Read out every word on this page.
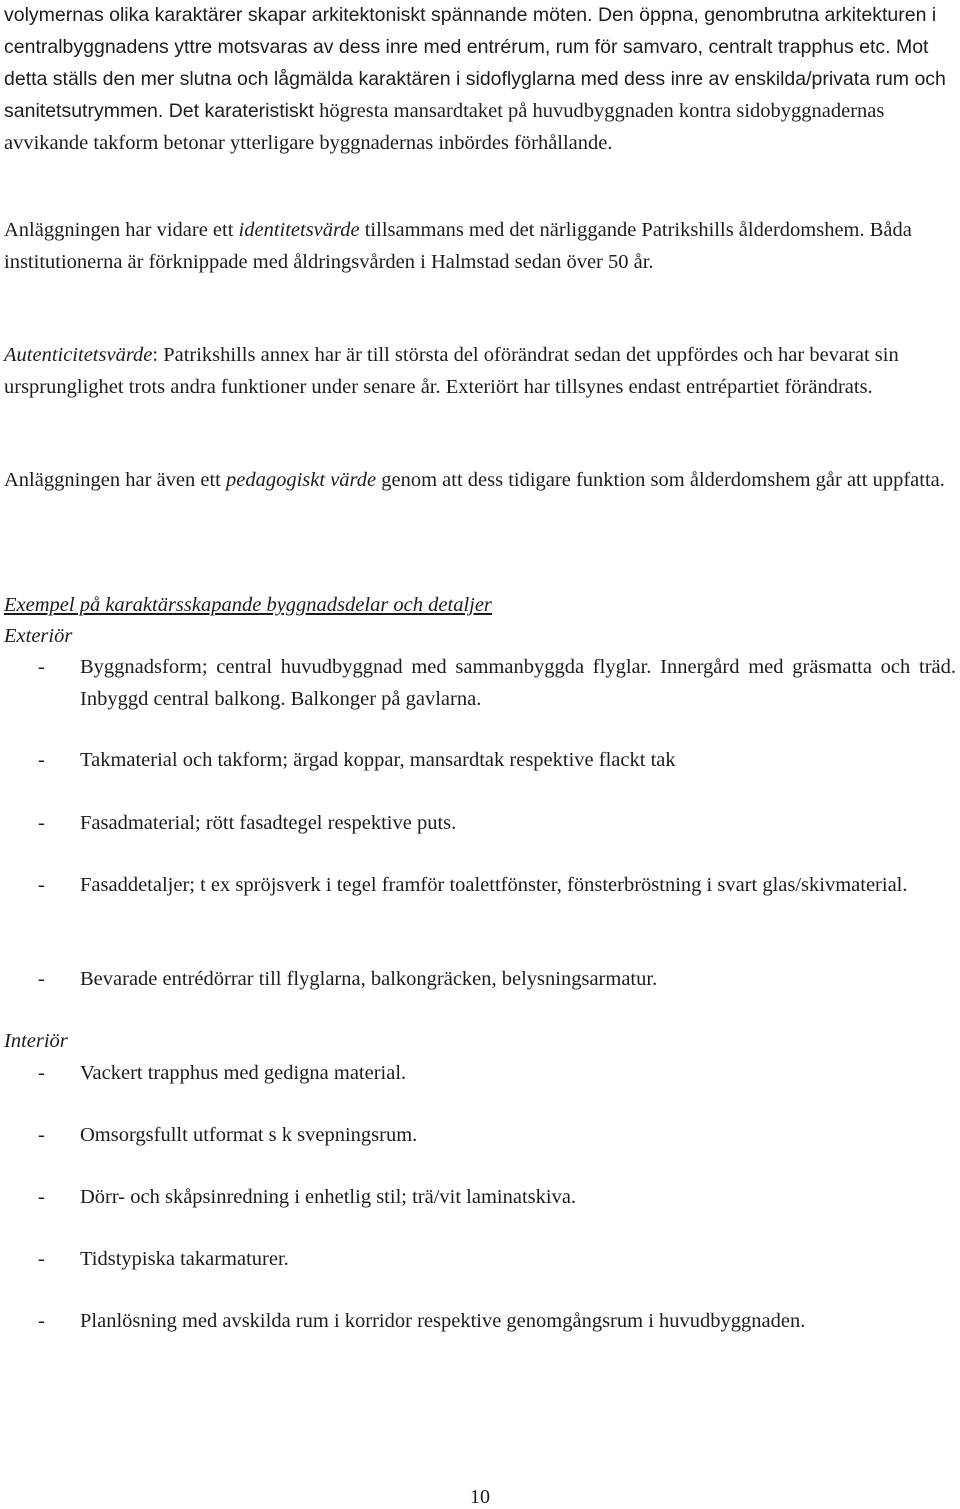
volymernas olika karaktärer skapar arkitektoniskt spännande möten. Den öppna, genombrutna arkitekturen i centralbyggnadens yttre motsvaras av dess inre med entrérum, rum för samvaro, centralt trapphus etc. Mot detta ställs den mer slutna och lågmälda karaktären i sidoflyglarna med dess inre av enskilda/privata rum och sanitetsutrymmen. Det karateristiskt högresta mansardtaket på huvudbyggnaden kontra sidobyggnadernas avvikande takform betonar ytterligare byggnadernas inbördes förhållande.

Anläggningen har vidare ett identitetsvärde tillsammans med det närliggande Patrikshills ålderdomshem. Båda institutionerna är förknippade med åldringsvården i Halmstad sedan över 50 år.

Autenticitetsvärde: Patrikshills annex har är till största del oförändrat sedan det uppfördes och har bevarat sin ursprunglighet trots andra funktioner under senare år. Exteriört har tillsynes endast entrépartiet förändrats.

Anläggningen har även ett pedagogiskt värde genom att dess tidigare funktion som ålderdomshem går att uppfatta.

Exempel på karaktärsskapande byggnadsdelar och detaljer
Exteriör
- Byggnadsform; central huvudbyggnad med sammanbyggda flyglar. Innergård med gräsmatta och träd. Inbyggd central balkong. Balkonger på gavlarna.
- Takmaterial och takform; ärgad koppar, mansardtak respektive flackt tak
- Fasadmaterial; rött fasadtegel respektive puts.
- Fasaddetaljer; t ex spröjsverk i tegel framför toalettfönster, fönsterbröstning i svart glas/skivmaterial.
- Bevarade entrédörrar till flyglarna, balkongräcken, belysningsarmatur.
Interiör
- Vackert trapphus med gedigna material.
- Omsorgsfullt utformat s k svepningsrum.
- Dörr- och skåpsinredning i enhetlig stil; trä/vit laminatskiva.
- Tidstypiska takarmaturer.
- Planlösning med avskilda rum i korridor respektive genomgångsrum i huvudbyggnaden.
10
